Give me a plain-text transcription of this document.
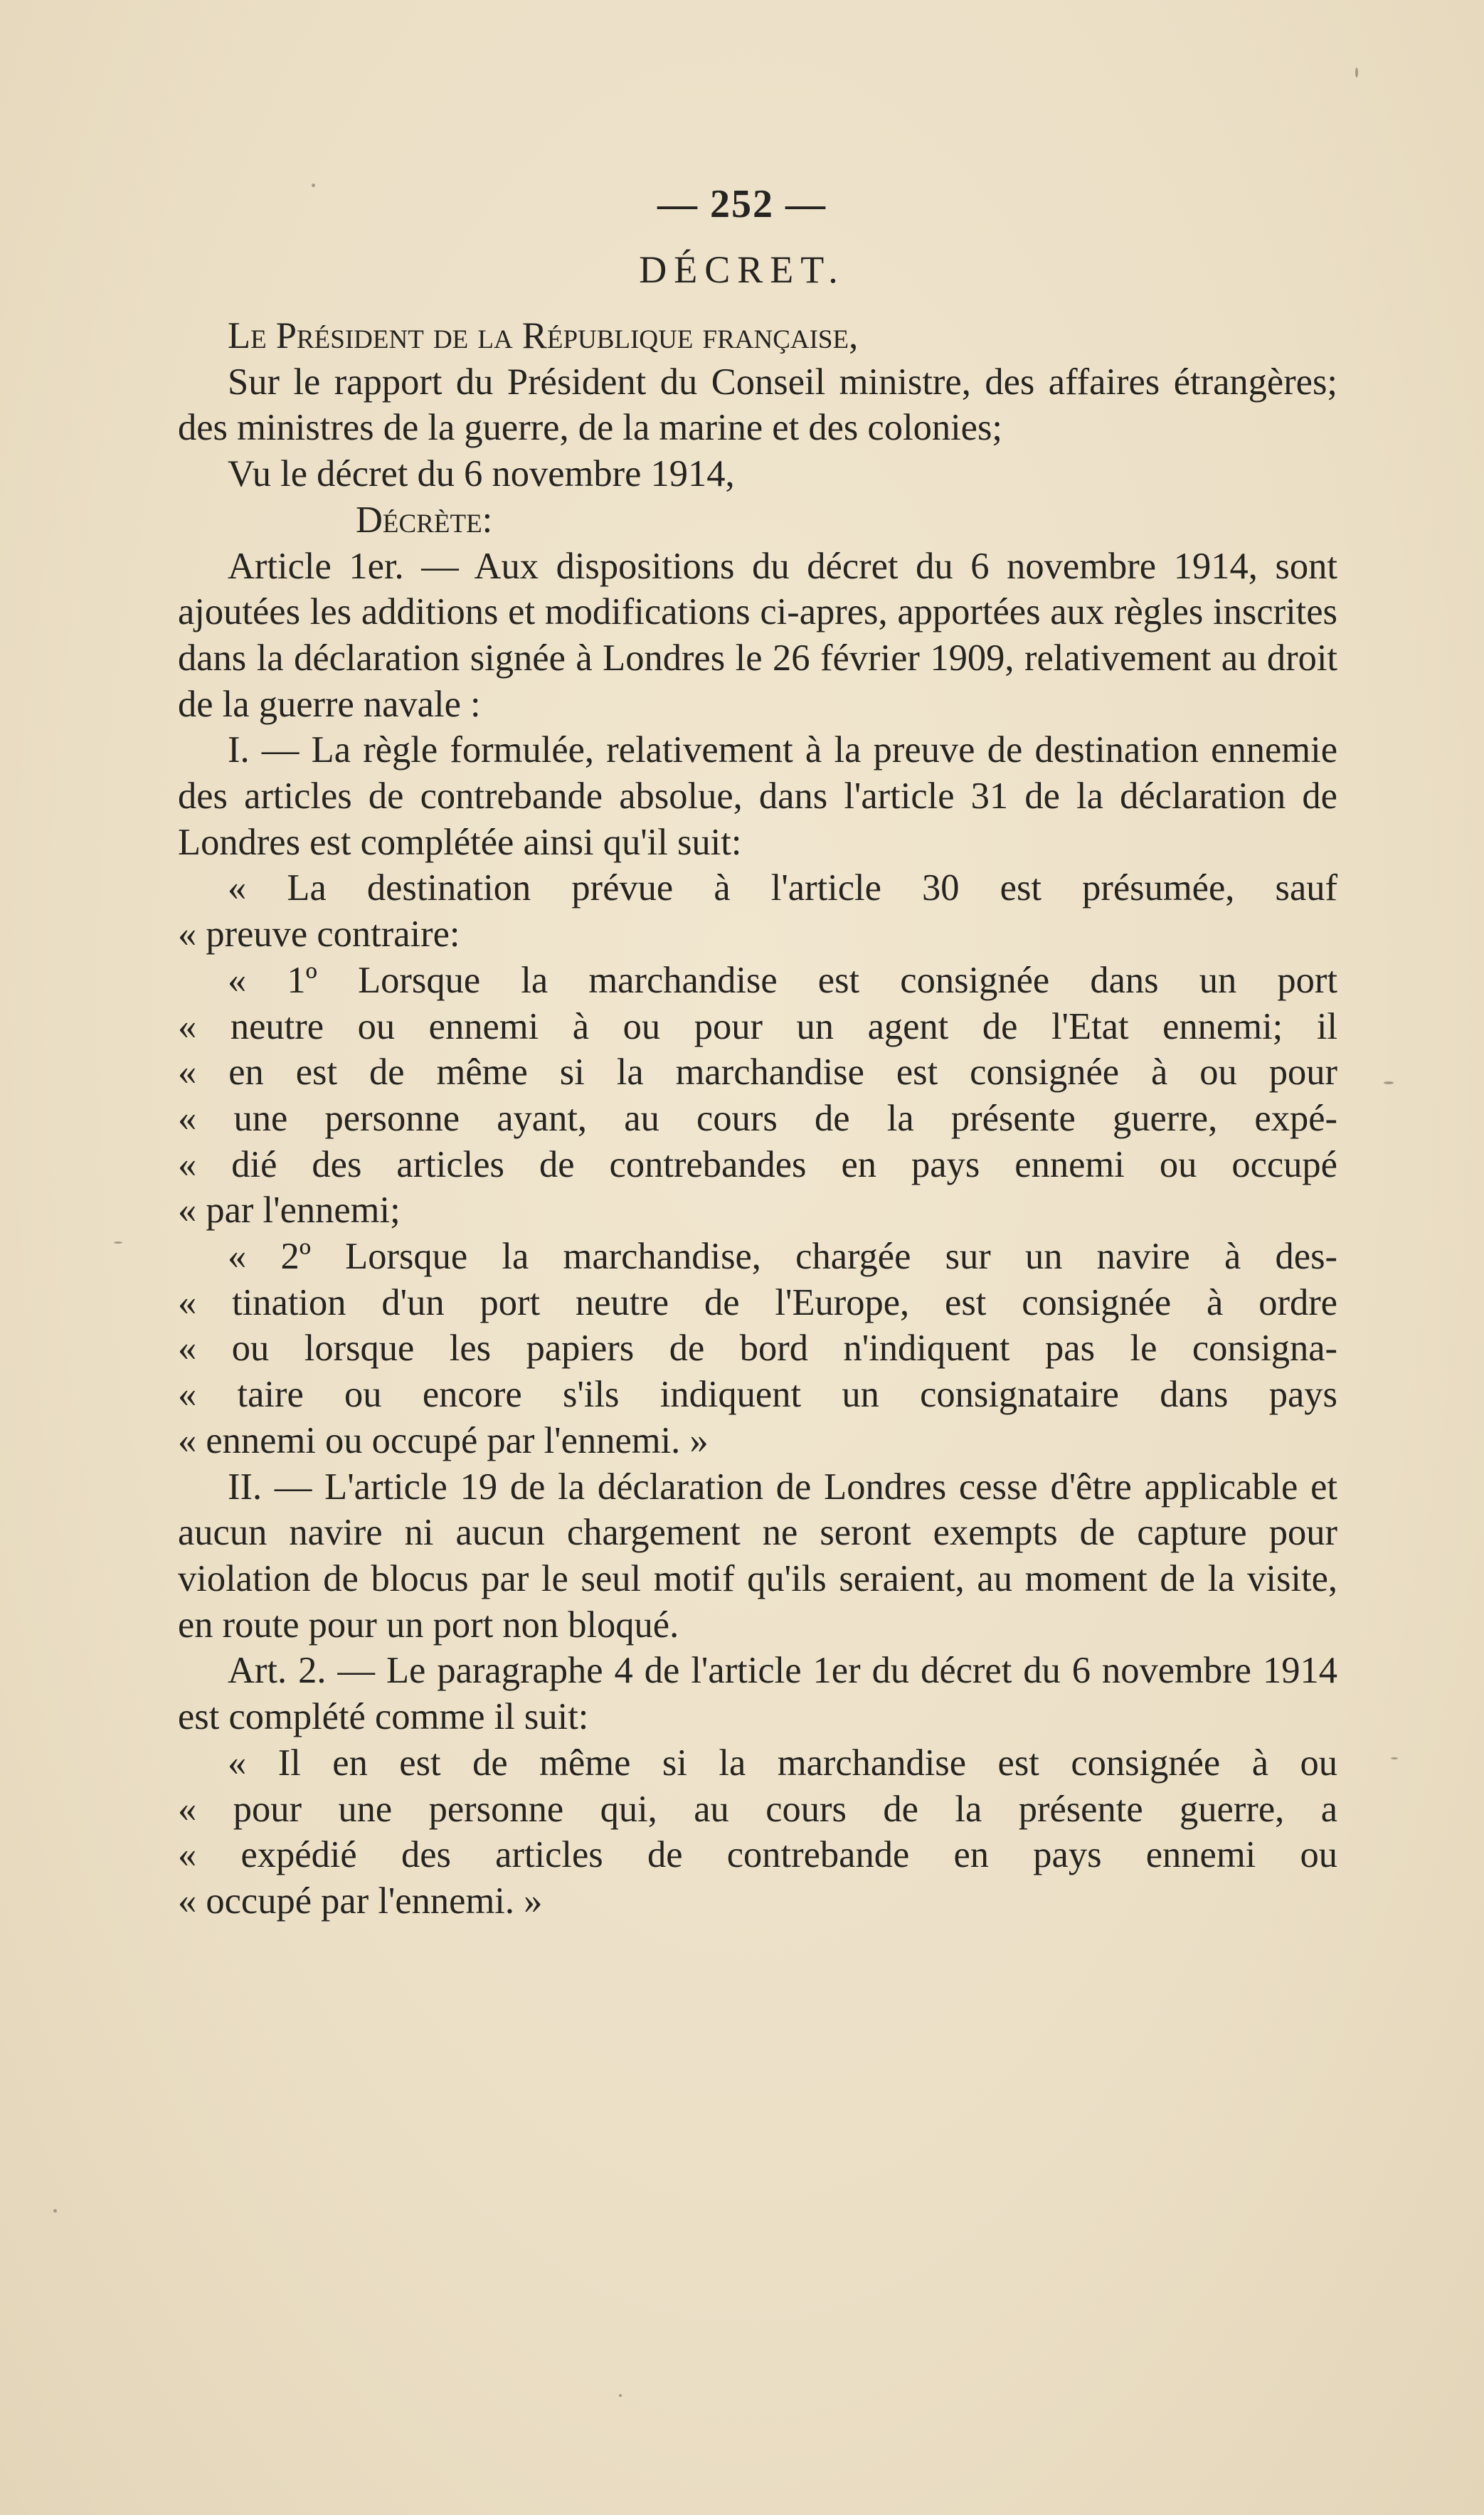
— 252 —
DÉCRET.

Le Président de la République française,

Sur le rapport du Président du Conseil ministre, des affaires étrangères; des ministres de la guerre, de la marine et des colonies;

Vu le décret du 6 novembre 1914,

Décrète:

Article 1er. — Aux dispositions du décret du 6 novembre 1914, sont ajoutées les additions et modifications ci-apres, apportées aux règles inscrites dans la déclaration signée à Londres le 26 février 1909, relativement au droit de la guerre navale :

I. — La règle formulée, relativement à la preuve de destination ennemie des articles de contrebande absolue, dans l'article 31 de la déclaration de Londres est complétée ainsi qu'il suit:

« La destination prévue à l'article 30 est présumée, sauf
« preuve contraire:
« 1º Lorsque la marchandise est consignée dans un port
« neutre ou ennemi à ou pour un agent de l'Etat ennemi; il
« en est de même si la marchandise est consignée à ou pour
« une personne ayant, au cours de la présente guerre, expé-
« dié des articles de contrebandes en pays ennemi ou occupé
« par l'ennemi;
« 2º Lorsque la marchandise, chargée sur un navire à des-
« tination d'un port neutre de l'Europe, est consignée à ordre
« ou lorsque les papiers de bord n'indiquent pas le consigna-
« taire ou encore s'ils indiquent un consignataire dans pays
« ennemi ou occupé par l'ennemi. »

II. — L'article 19 de la déclaration de Londres cesse d'être applicable et aucun navire ni aucun chargement ne seront exempts de capture pour violation de blocus par le seul motif qu'ils seraient, au moment de la visite, en route pour un port non bloqué.

Art. 2. — Le paragraphe 4 de l'article 1er du décret du 6 novembre 1914 est complété comme il suit:

« Il en est de même si la marchandise est consignée à ou
« pour une personne qui, au cours de la présente guerre, a
« expédié des articles de contrebande en pays ennemi ou
« occupé par l'ennemi. »
